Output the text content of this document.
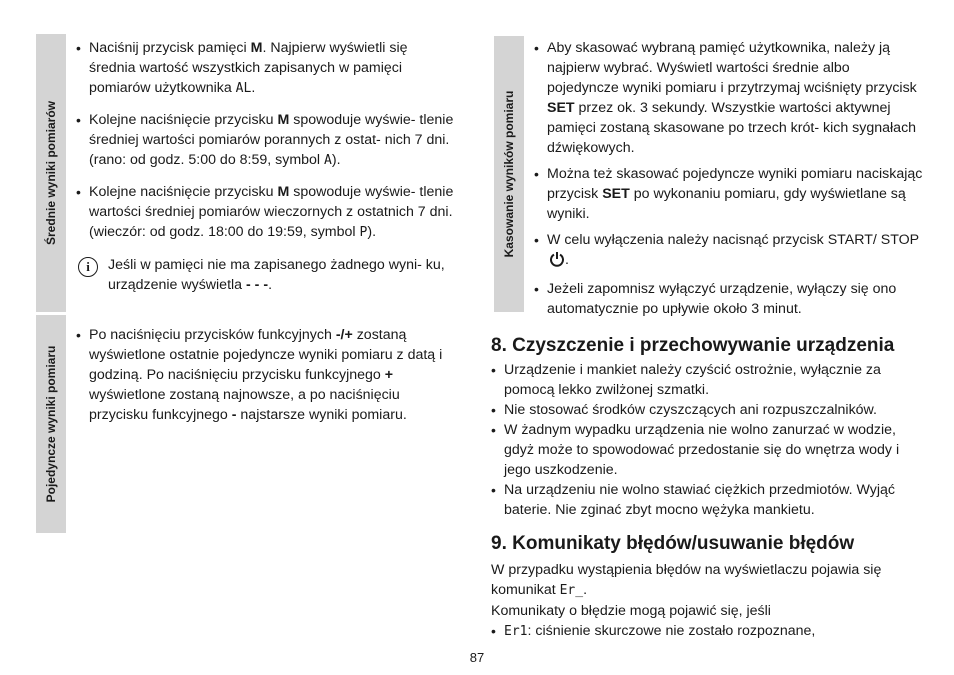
Średnie wyniki pomiarów
Pojedyncze wyniki pomiaru
Kasowanie wyników pomiaru
• Naciśnij przycisk pamięci M. Najpierw wyświetli się średnia wartość wszystkich zapisanych w pamięci pomiarów użytkownika AL.
• Kolejne naciśnięcie przycisku M spowoduje wyświe- tlenie średniej wartości pomiarów porannych z ostat- nich 7 dni. (rano: od godz. 5:00 do 8:59, symbol A).
• Kolejne naciśnięcie przycisku M spowoduje wyświe- tlenie wartości średniej pomiarów wieczornych z ostatnich 7 dni. (wieczór: od godz. 18:00 do 19:59, symbol P).
i	Jeśli w pamięci nie ma zapisanego żadnego wyni- ku, urządzenie wyświetla - - -.
• Po naciśnięciu przycisków funkcyjnych -/+ zostaną wyświetlone ostatnie pojedyncze wyniki pomiaru z datą i godziną. Po naciśnięciu przycisku funkcyjnego + wyświetlone zostaną najnowsze, a po naciśnięciu przycisku funkcyjnego - najstarsze wyniki pomiaru.
• Aby skasować wybraną pamięć użytkownika, należy ją najpierw wybrać. Wyświetl wartości średnie albo pojedyncze wyniki pomiaru i przytrzymaj wciśnięty przycisk SET przez ok. 3 sekundy. Wszystkie wartości aktywnej pamięci zostaną skasowane po trzech krót- kich sygnałach dźwiękowych.
• Można też skasować pojedyncze wyniki pomiaru naciskając przycisk SET po wykonaniu pomiaru, gdy wyświetlane są wyniki.
• W celu wyłączenia należy nacisnąć przycisk START/ STOP .
• Jeżeli zapomnisz wyłączyć urządzenie, wyłączy się ono automatycznie po upływie około 3 minut.
8. Czyszczenie i przechowywanie urządzenia
• Urządzenie i mankiet należy czyścić ostrożnie, wyłącznie za pomocą lekko zwilżonej szmatki.
• Nie stosować środków czyszczących ani rozpuszczalników.
• W żadnym wypadku urządzenia nie wolno zanurzać w wodzie, gdyż może to spowodować przedostanie się do wnętrza wody i jego uszkodzenie.
• Na urządzeniu nie wolno stawiać ciężkich przedmiotów. Wyjąć baterie. Nie zginać zbyt mocno wężyka mankietu.
9. Komunikaty błędów/usuwanie błędów
W przypadku wystąpienia błędów na wyświetlaczu pojawia się komunikat Er_.
Komunikaty o błędzie mogą pojawić się, jeśli
• Er1: ciśnienie skurczowe nie zostało rozpoznane,
87
